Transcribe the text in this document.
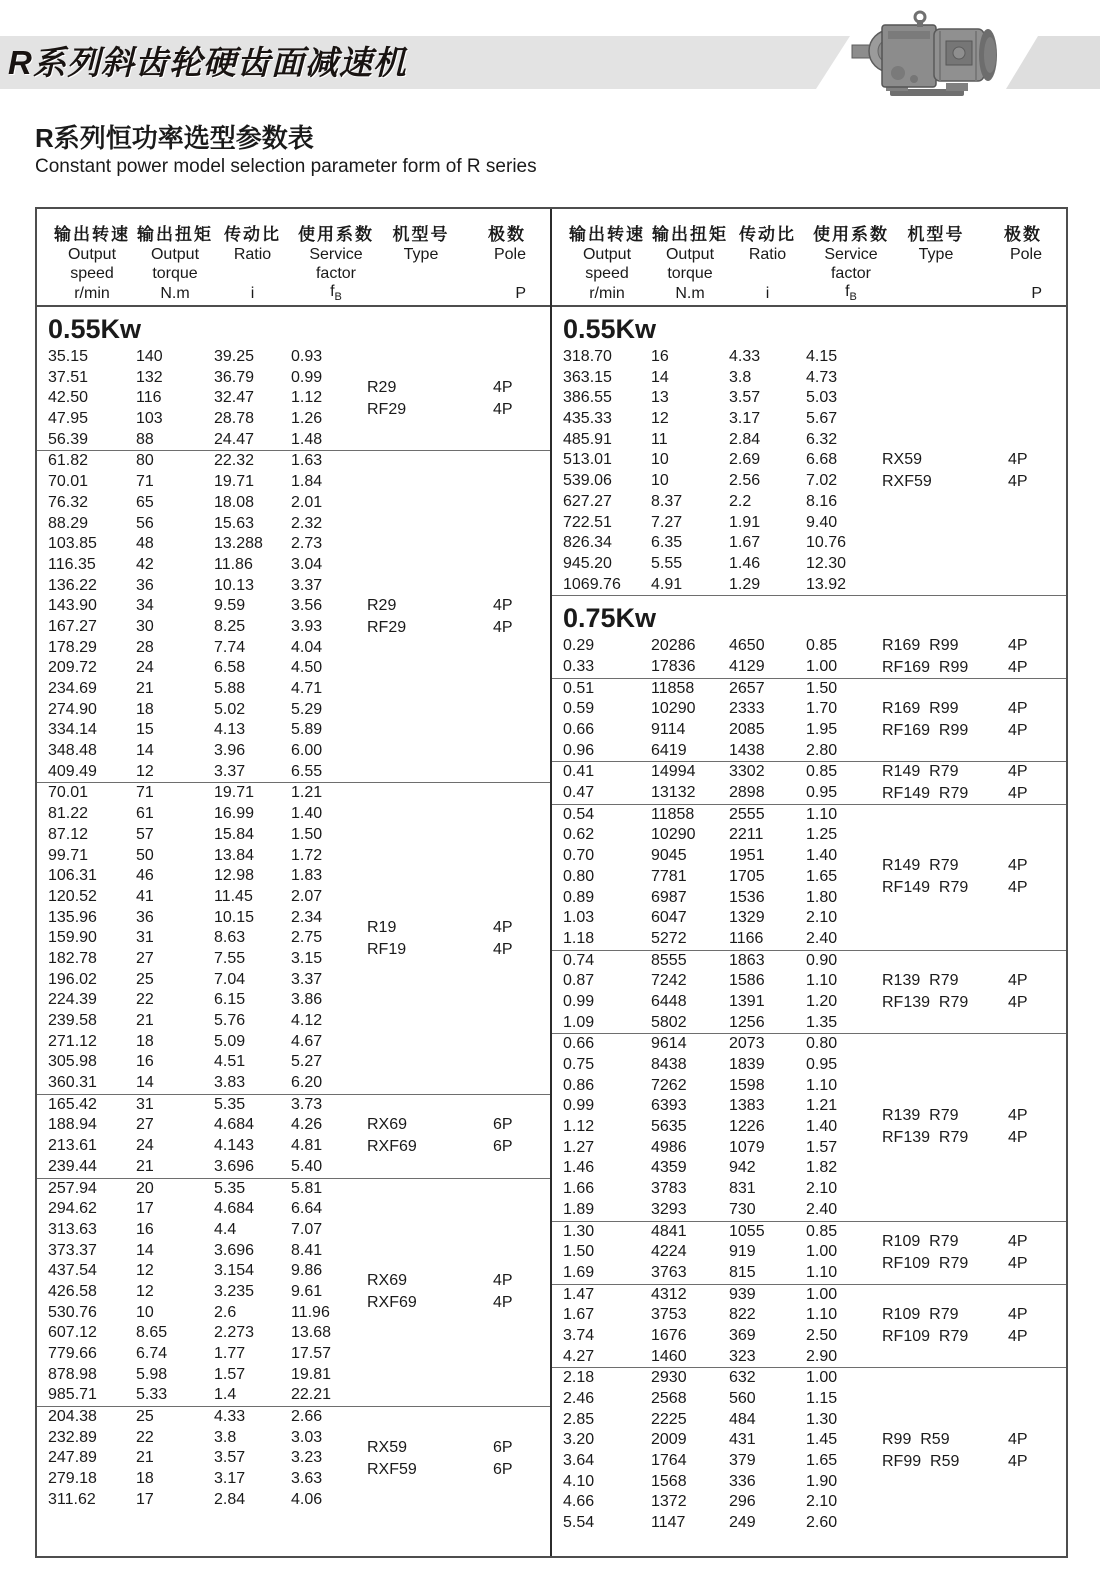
R系列斜齿轮硬齿面减速机
R系列恒功率选型参数表
Constant power model selection parameter form of R series
输出转速
Output
speed
r/min
输出扭矩
Output
torque
N.m
传动比
Ratio
i
使用系数
Service
factor
$f_B$
机型号
Type
极数
Pole
P
0.55Kw
35.15	140	39.25	0.93
37.51	132	36.79	0.99
42.50	116	32.47	1.12
47.95	103	28.78	1.26
56.39	88	24.47	1.48
R29	4P
RF29	4P
61.82	80	22.32	1.63
70.01	71	19.71	1.84
76.32	65	18.08	2.01
88.29	56	15.63	2.32
103.85	48	13.288	2.73
116.35	42	11.86	3.04
136.22	36	10.13	3.37
143.90	34	9.59	3.56
167.27	30	8.25	3.93
178.29	28	7.74	4.04
209.72	24	6.58	4.50
234.69	21	5.88	4.71
274.90	18	5.02	5.29
334.14	15	4.13	5.89
348.48	14	3.96	6.00
409.49	12	3.37	6.55
R29	4P
RF29	4P
70.01	71	19.71	1.21
81.22	61	16.99	1.40
87.12	57	15.84	1.50
99.71	50	13.84	1.72
106.31	46	12.98	1.83
120.52	41	11.45	2.07
135.96	36	10.15	2.34
159.90	31	8.63	2.75
182.78	27	7.55	3.15
196.02	25	7.04	3.37
224.39	22	6.15	3.86
239.58	21	5.76	4.12
271.12	18	5.09	4.67
305.98	16	4.51	5.27
360.31	14	3.83	6.20
R19	4P
RF19	4P
165.42	31	5.35	3.73
188.94	27	4.684	4.26
213.61	24	4.143	4.81
239.44	21	3.696	5.40
RX69	6P
RXF69	6P
257.94	20	5.35	5.81
294.62	17	4.684	6.64
313.63	16	4.4	7.07
373.37	14	3.696	8.41
437.54	12	3.154	9.86
426.58	12	3.235	9.61
530.76	10	2.6	11.96
607.12	8.65	2.273	13.68
779.66	6.74	1.77	17.57
878.98	5.98	1.57	19.81
985.71	5.33	1.4	22.21
RX69	4P
RXF69	4P
204.38	25	4.33	2.66
232.89	22	3.8	3.03
247.89	21	3.57	3.23
279.18	18	3.17	3.63
311.62	17	2.84	4.06
RX59	6P
RXF59	6P
输出转速
Output
speed
r/min
输出扭矩
Output
torque
N.m
传动比
Ratio
i
使用系数
Service
factor
$f_B$
机型号
Type
极数
Pole
P
0.55Kw
318.70	16	4.33	4.15
363.15	14	3.8	4.73
386.55	13	3.57	5.03
435.33	12	3.17	5.67
485.91	11	2.84	6.32
513.01	10	2.69	6.68
539.06	10	2.56	7.02
627.27	8.37	2.2	8.16
722.51	7.27	1.91	9.40
826.34	6.35	1.67	10.76
945.20	5.55	1.46	12.30
1069.76	4.91	1.29	13.92
RX59	4P
RXF59	4P
0.75Kw
0.29	20286	4650	0.85
0.33	17836	4129	1.00
R169  R99	4P
RF169  R99 4P
0.51	11858	2657	1.50
0.59	10290	2333	1.70
0.66	9114	2085	1.95
0.96	6419	1438	2.80
R169  R99	4P
RF169  R99 4P
0.41	14994	3302	0.85
0.47	13132	2898	0.95
R149  R79	4P
RF149  R79 4P
0.54	11858	2555	1.10
0.62	10290	2211	1.25
0.70	9045	1951	1.40
0.80	7781	1705	1.65
0.89	6987	1536	1.80
1.03	6047	1329	2.10
1.18	5272	1166	2.40
R149  R79	4P
RF149  R79 4P
0.74	8555	1863	0.90
0.87	7242	1586	1.10
0.99	6448	1391	1.20
1.09	5802	1256	1.35
R139  R79	4P
RF139  R79 4P
0.66	9614	2073	0.80
0.75	8438	1839	0.95
0.86	7262	1598	1.10
0.99	6393	1383	1.21
1.12	5635	1226	1.40
1.27	4986	1079	1.57
1.46	4359	942	1.82
1.66	3783	831	2.10
1.89	3293	730	2.40
R139  R79	4P
RF139  R79 4P
1.30	4841	1055	0.85
1.50	4224	919	1.00
1.69	3763	815	1.10
R109  R79	4P
RF109  R79 4P
1.47	4312	939	1.00
1.67	3753	822	1.10
3.74	1676	369	2.50
4.27	1460	323	2.90
R109  R79	4P
RF109  R79 4P
2.18	2930	632	1.00
2.46	2568	560	1.15
2.85	2225	484	1.30
3.20	2009	431	1.45
3.64	1764	379	1.65
4.10	1568	336	1.90
4.66	1372	296	2.10
5.54	1147	249	2.60
R99  R59	4P
RF99  R59	4P
